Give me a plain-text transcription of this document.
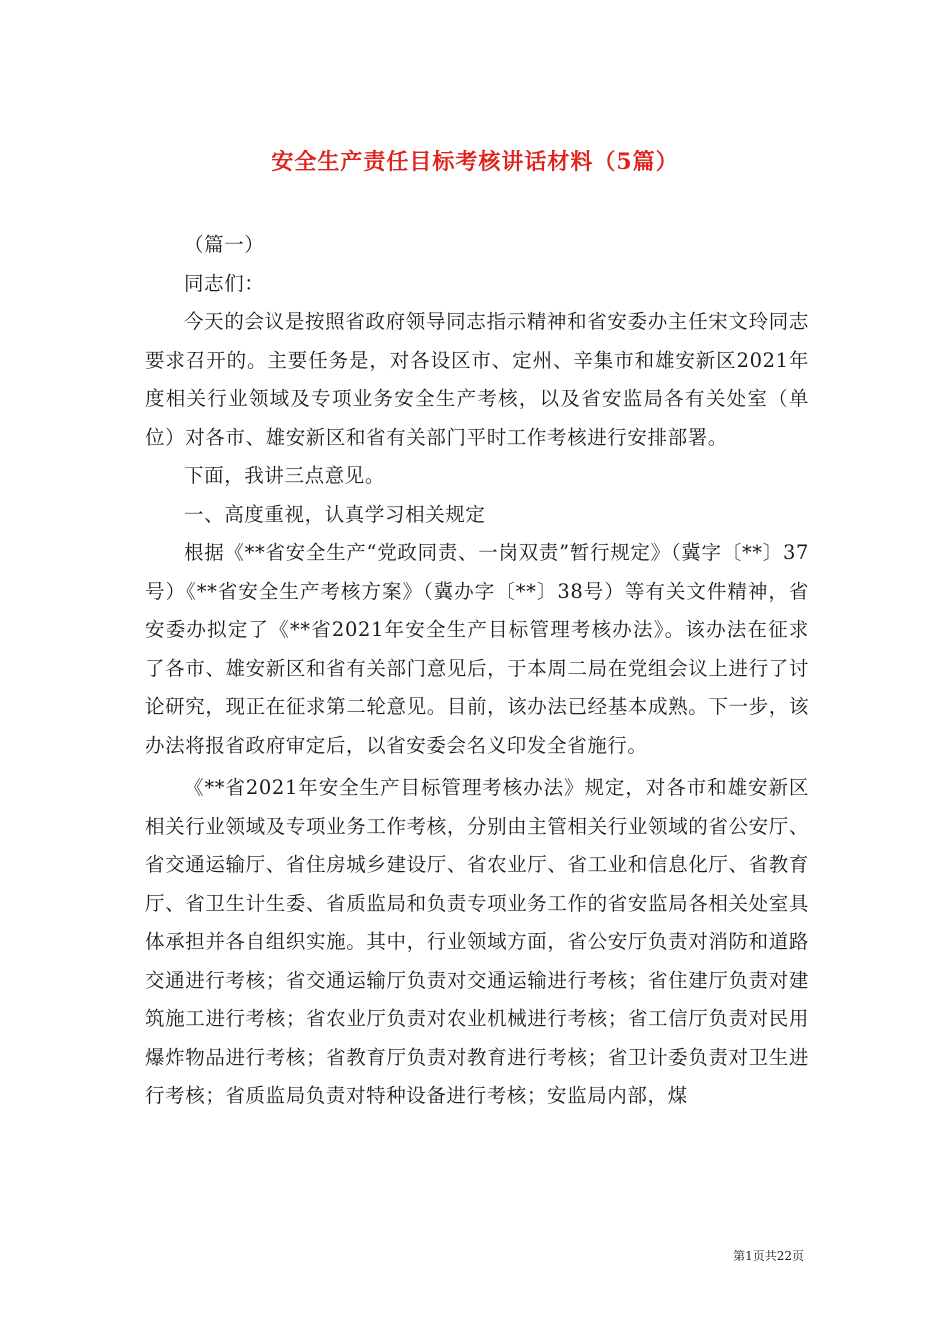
安全生产责任目标考核讲话材料（5篇）

（篇一）

同志们：

今天的会议是按照省政府领导同志指示精神和省安委办主任宋文玲同志要求召开的。主要任务是，对各设区市、定州、辛集市和雄安新区2021年度相关行业领域及专项业务安全生产考核，以及省安监局各有关处室（单位）对各市、雄安新区和省有关部门平时工作考核进行安排部署。

下面，我讲三点意见。

一、高度重视，认真学习相关规定

根据《**省安全生产“党政同责、一岗双责”暂行规定》（冀字〔**〕37号）《**省安全生产考核方案》（冀办字〔**〕38号）等有关文件精神，省安委办拟定了《**省2021年安全生产目标管理考核办法》。该办法在征求了各市、雄安新区和省有关部门意见后，于本周二局在党组会议上进行了讨论研究，现正在征求第二轮意见。目前，该办法已经基本成熟。下一步，该办法将报省政府审定后，以省安委会名义印发全省施行。

《**省2021年安全生产目标管理考核办法》规定，对各市和雄安新区相关行业领域及专项业务工作考核，分别由主管相关行业领域的省公安厅、省交通运输厅、省住房城乡建设厅、省农业厅、省工业和信息化厅、省教育厅、省卫生计生委、省质监局和负责专项业务工作的省安监局各相关处室具体承担并各自组织实施。其中，行业领域方面，省公安厅负责对消防和道路交通进行考核；省交通运输厅负责对交通运输进行考核；省住建厅负责对建筑施工进行考核；省农业厅负责对农业机械进行考核；省工信厅负责对民用爆炸物品进行考核；省教育厅负责对教育进行考核；省卫计委负责对卫生进行考核；省质监局负责对特种设备进行考核；安监局内部，煤

第1页共22页
